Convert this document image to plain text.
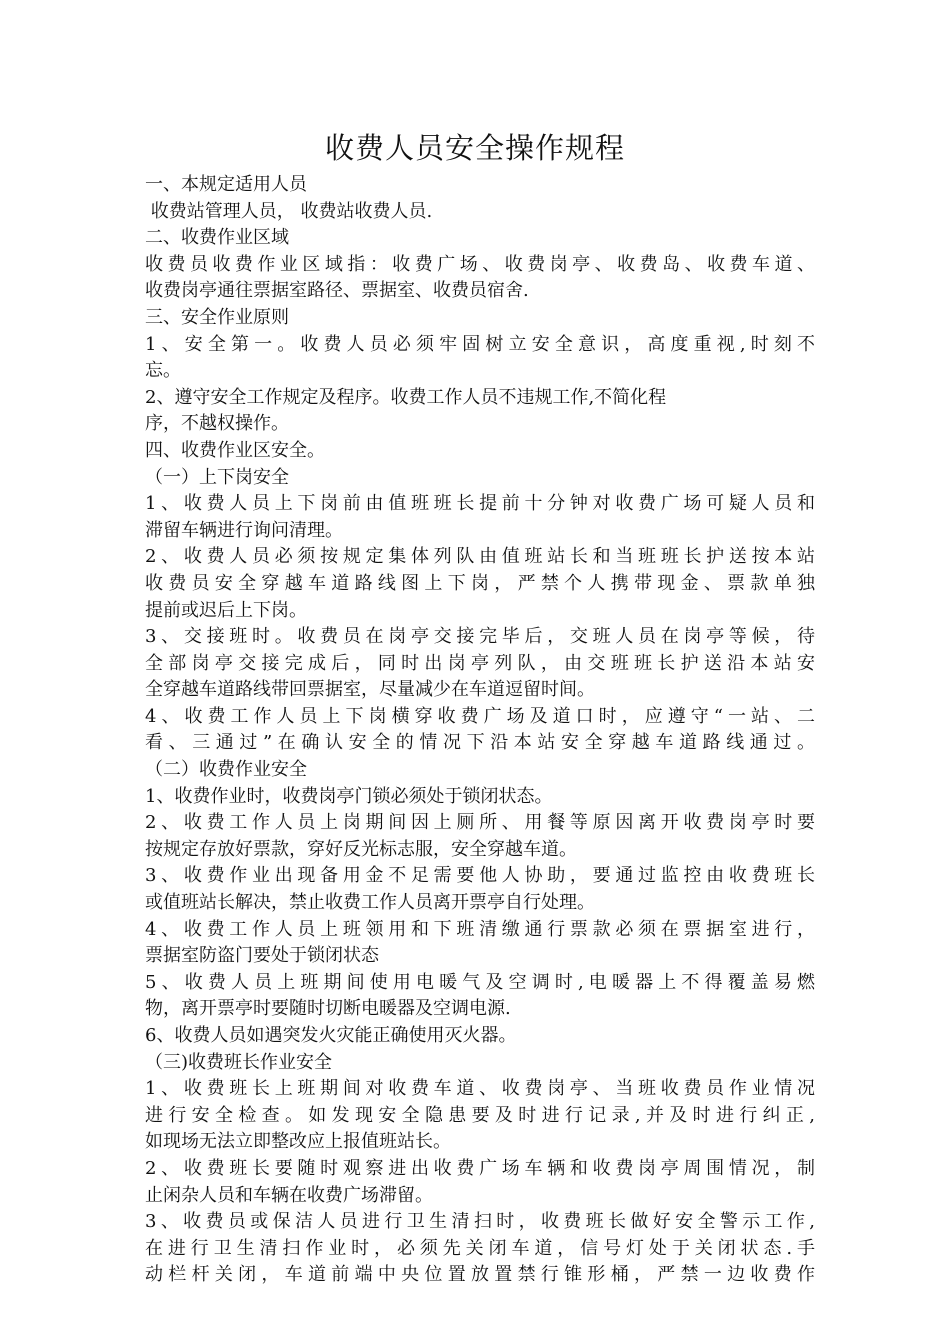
收费人员安全操作规程
一、本规定适用人员
收费站管理人员， 收费站收费人员.
二、收费作业区域
收费员收费作业区域指：收费广场、收费岗亭、收费岛、收费车道、
收费岗亭通往票据室路径、票据室、收费员宿舍.
三、安全作业原则
1、安全第一。收费人员必须牢固树立安全意识，高度重视,时刻不
忘。
2、遵守安全工作规定及程序。收费工作人员不违规工作,不简化程
序，不越权操作。
四、收费作业区安全。
（一）上下岗安全
1、收费人员上下岗前由值班班长提前十分钟对收费广场可疑人员和
滞留车辆进行询问清理。
2、收费人员必须按规定集体列队由值班站长和当班班长护送按本站
收费员安全穿越车道路线图上下岗，严禁个人携带现金、票款单独
提前或迟后上下岗。
3、交接班时。收费员在岗亭交接完毕后，交班人员在岗亭等候，待
全部岗亭交接完成后，同时出岗亭列队，由交班班长护送沿本站安
全穿越车道路线带回票据室，尽量减少在车道逗留时间。
4、收费工作人员上下岗横穿收费广场及道口时，应遵守“一站、二
看、三通过”在确认安全的情况下沿本站安全穿越车道路线通过。
（二）收费作业安全
1、收费作业时，收费岗亭门锁必须处于锁闭状态。
2、收费工作人员上岗期间因上厕所、用餐等原因离开收费岗亭时要
按规定存放好票款，穿好反光标志服，安全穿越车道。
3、收费作业出现备用金不足需要他人协助，要通过监控由收费班长
或值班站长解决，禁止收费工作人员离开票亭自行处理。
4、收费工作人员上班领用和下班清缴通行票款必须在票据室进行，
票据室防盗门要处于锁闭状态
5、收费人员上班期间使用电暖气及空调时,电暖器上不得覆盖易燃
物，离开票亭时要随时切断电暖器及空调电源.
6、收费人员如遇突发火灾能正确使用灭火器。
（三)收费班长作业安全
1、收费班长上班期间对收费车道、收费岗亭、当班收费员作业情况
进行安全检查。如发现安全隐患要及时进行记录,并及时进行纠正,
如现场无法立即整改应上报值班站长。
2、收费班长要随时观察进出收费广场车辆和收费岗亭周围情况，制
止闲杂人员和车辆在收费广场滞留。
3、收费员或保洁人员进行卫生清扫时，收费班长做好安全警示工作,
在进行卫生清扫作业时，必须先关闭车道，信号灯处于关闭状态.手
动栏杆关闭，车道前端中央位置放置禁行锥形桶，严禁一边收费作
